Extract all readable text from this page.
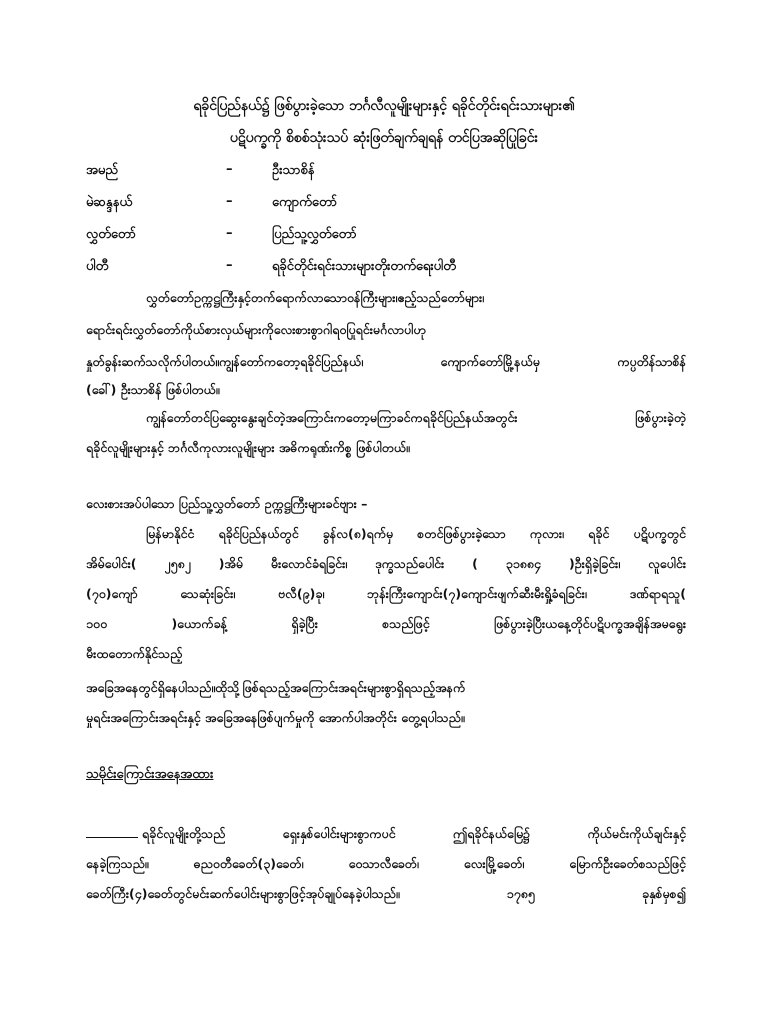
ရခိုင်ပြည်နယ်၌ ဖြစ်ပွားခဲ့သော ဘင်္ဂလီလူမျိုးများနှင့် ရခိုင်တိုင်းရင်းသားများ၏
ပဋိပက္ခကို စိစစ်သုံးသပ် ဆုံးဖြတ်ချက်ချရန် တင်ပြအဆိုပြုခြင်း
အမည်	–	ဦးသာစိန်
မဲဆန္ဒနယ်	–	ကျောက်တော်
လွှတ်တော်	–	ပြည်သူ့လွှတ်တော်
ပါတီ	–	ရခိုင်တိုင်းရင်းသားများတိုးတက်ရေးပါတီ
လွှတ်တော်ဥက္ကဋ္ဌကြီးနှင့်တက်ရောက်လာသောဝန်ကြီးများ၊ဧည့်သည်တော်များ၊
ရောင်းရင်းလွှတ်တော်ကိုယ်စားလှယ်များကိုလေးစားစွာဂါရဝပြုရင်းမင်္ဂလာပါဟု
နှုတ်ခွန်းဆက်သလိုက်ပါတယ်။ကျွန်တော်ကတော့ရခိုင်ပြည်နယ်၊ ကျောက်တော်မြို့နယ်မှ ကပ္ပတိန်သာစိန်
(ခေါ်) ဦးသာစိန် ဖြစ်ပါတယ်။
ကျွန်တော်တင်ပြဆွေးနွေးချင်တဲ့အကြောင်းကတော့မကြာခင်ကရခိုင်ပြည်နယ်အတွင်း ဖြစ်ပွားခဲ့တဲ့
ရခိုင်လူမျိုးများနှင့် ဘင်္ဂလီကုလားလူမျိုးများ အဓိကရုဏ်းကိစ္စ ဖြစ်ပါတယ်။
လေးစားအပ်ပါသော ပြည်သူ့လွှတ်တော် ဥက္ကဋ္ဌကြီးများခင်ဗျား –
မြန်မာနိုင်ငံ ရခိုင်ပြည်နယ်တွင် ခွန်လ(၈)ရက်မှ စတင်ဖြစ်ပွားခဲ့သော ကုလား၊ ရခိုင် ပဋိပက္ခတွင်
အိမ်ပေါင်း( ၂၅၈၂ )အိမ် မီးလောင်ခံရခြင်း၊ ဒုက္ခသည်ပေါင်း ( ၃၁၈၈၄ )ဦးရှိခဲ့ခြင်း၊ လူပေါင်း
(၇၀)ကျော် သေဆုံးခြင်း၊ ဗလီ(၉)ခု၊ ဘုန်းကြီးကျောင်း(၇)ကျောင်းဖျက်ဆီးမီးရှို့ခံရခြင်း၊ ဒဏ်ရာရသူ(
၁၀၀ )ယောက်ခန့် ရှိခဲ့ပြီး စသည်ဖြင့် ဖြစ်ပွားခဲ့ပြီးယနေ့တိုင်ပဋိပက္ခအချိန်အမရွေး
မီးထတောက်နိုင်သည့်
အခြေအနေတွင်ရှိနေပါသည်။ထိုသို့ဖြစ်ရသည့်အကြောင်းအရင်းများစွာရှိရသည့်အနက်
မှုရင်းအကြောင်းအရင်းနှင့် အခြေအနေဖြစ်ပျက်မှုကို အောက်ပါအတိုင်း တွေ့ရပါသည်။
သမိုင်းကြောင်းအနေအထား
ရခိုင်လူမျိုးတို့သည် ရှေးနှစ်ပေါင်းများစွာကပင် ဤရခိုင်နယ်မြေ၌ ကိုယ်မင်းကိုယ်ချင်းနှင့်
နေခဲ့ကြသည်။ ဓညဝတီခေတ်(၃)ခေတ်၊ ဝေသာလီခေတ်၊ လေးမြို့ခေတ်၊ မြောက်ဦးခေတ်စသည်ဖြင့်
ခေတ်ကြီး(၄)ခေတ်တွင်မင်းဆက်ပေါင်းများစွာဖြင့်အုပ်ချုပ်နေခဲ့ပါသည်။ ၁၇၈၅ ခုနှစ်မှစ၍
